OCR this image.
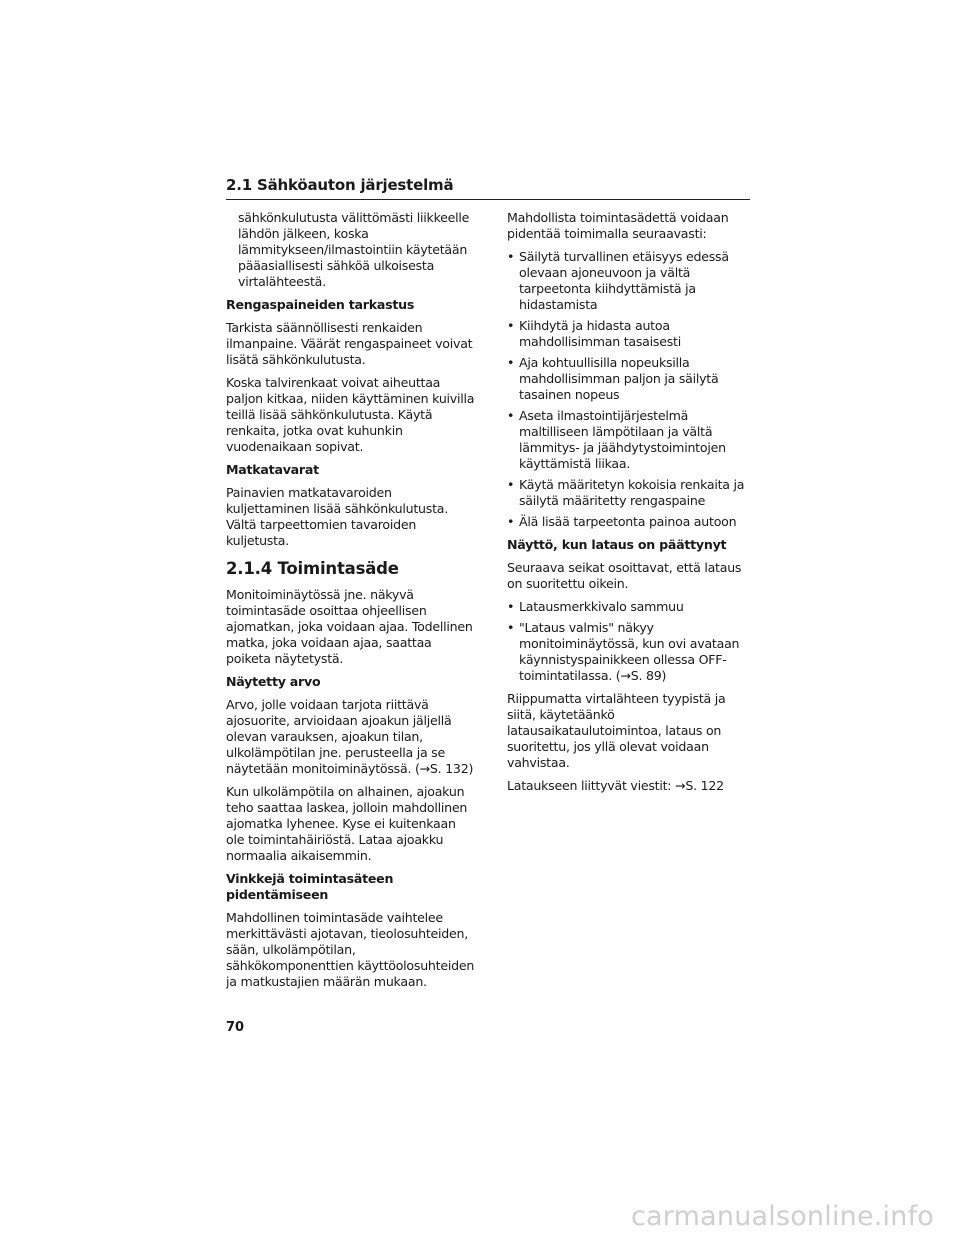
2.1 Sähköauton järjestelmä

sähkönkulutusta välittömästi liikkeelle lähdön jälkeen, koska lämmitykseen/ilmastointiin käytetään pääasiallisesti sähköä ulkoisesta virtalähteestä.

Rengaspaineiden tarkastus

Tarkista säännöllisesti renkaiden ilmanpaine. Väärät rengaspaineet voivat lisätä sähkönkulutusta.

Koska talvirenkaat voivat aiheuttaa paljon kitkaa, niiden käyttäminen kuivilla teillä lisää sähkönkulutusta. Käytä renkaita, jotka ovat kuhunkin vuodenaikaan sopivat.

Matkatavarat

Painavien matkatavaroiden kuljettaminen lisää sähkönkulutusta. Vältä tarpeettomien tavaroiden kuljetusta.

2.1.4 Toimintasäde

Monitoiminäytössä jne. näkyvä toimintasäde osoittaa ohjeellisen ajomatkan, joka voidaan ajaa. Todellinen matka, joka voidaan ajaa, saattaa poiketa näytetystä.

Näytetty arvo

Arvo, jolle voidaan tarjota riittävä ajosuorite, arvioidaan ajoakun jäljellä olevan varauksen, ajoakun tilan, ulkolämpötilan jne. perusteella ja se näytetään monitoiminäytössä. (→S. 132)

Kun ulkolämpötila on alhainen, ajoakun teho saattaa laskea, jolloin mahdollinen ajomatka lyhenee. Kyse ei kuitenkaan ole toimintahäiriöstä. Lataa ajoakku normaalia aikaisemmin.

Vinkkejä toimintasäteen pidentämiseen

Mahdollinen toimintasäde vaihtelee merkittävästi ajotavan, tieolosuhteiden, sään, ulkolämpötilan, sähkökomponenttien käyttöolosuhteiden ja matkustajien määrän mukaan.

Mahdollista toimintasädettä voidaan pidentää toimimalla seuraavasti:

• Säilytä turvallinen etäisyys edessä olevaan ajoneuvoon ja vältä tarpeetonta kiihdyttämistä ja hidastamista
• Kiihdytä ja hidasta autoa mahdollisimman tasaisesti
• Aja kohtuullisilla nopeuksilla mahdollisimman paljon ja säilytä tasainen nopeus
• Aseta ilmastointijärjestelmä maltilliseen lämpötilaan ja vältä lämmitys- ja jäähdytystoimintojen käyttämistä liikaa.
• Käytä määritetyn kokoisia renkaita ja säilytä määritetty rengaspaine
• Älä lisää tarpeetonta painoa autoon
Näyttö, kun lataus on päättynyt

Seuraava seikat osoittavat, että lataus on suoritettu oikein.

• Latausmerkkivalo sammuu
• "Lataus valmis" näkyy monitoiminäytössä, kun ovi avataan käynnistyspainikkeen ollessa OFF-toimintatilassa. (→S. 89)

Riippumatta virtalähteen tyypistä ja siitä, käytetäänkö latausaikataulutoimintoa, lataus on suoritettu, jos yllä olevat voidaan vahvistaa.

Lataukseen liittyvät viestit: →S. 122

70
carmanualsonline.info
